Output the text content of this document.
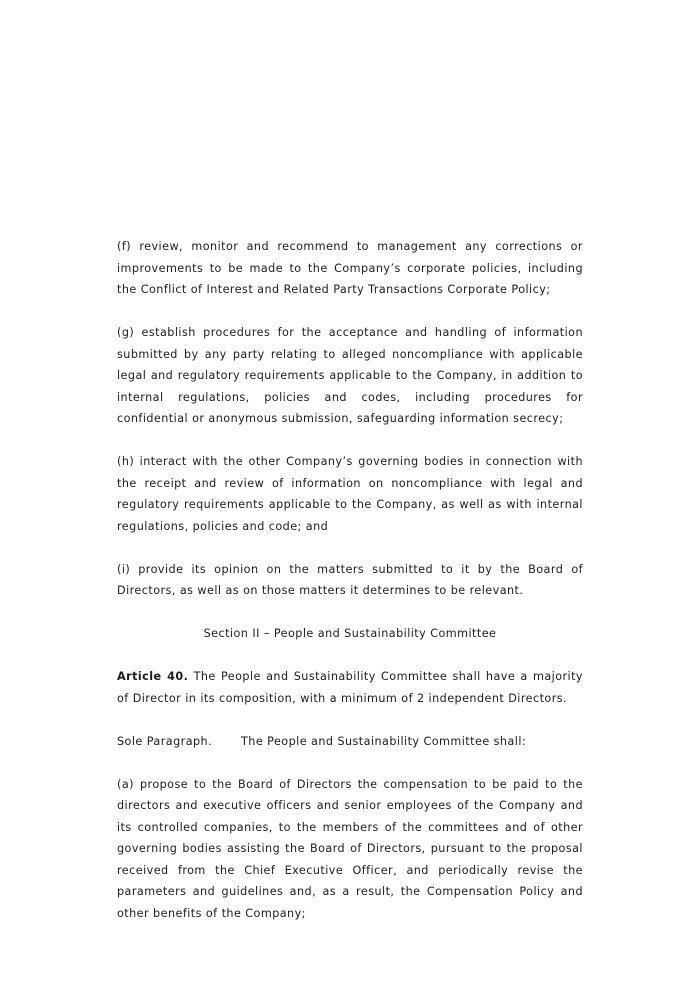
(f) review, monitor and recommend to management any corrections or improvements to be made to the Company’s corporate policies, including the Conflict of Interest and Related Party Transactions Corporate Policy;

(g) establish procedures for the acceptance and handling of information submitted by any party relating to alleged noncompliance with applicable legal and regulatory requirements applicable to the Company, in addition to internal regulations, policies and codes, including procedures for confidential or anonymous submission, safeguarding information secrecy;

(h) interact with the other Company’s governing bodies in connection with the receipt and review of information on noncompliance with legal and regulatory requirements applicable to the Company, as well as with internal regulations, policies and code; and

(i) provide its opinion on the matters submitted to it by the Board of Directors, as well as on those matters it determines to be relevant.

Section II – People and Sustainability Committee

Article 40. The People and Sustainability Committee shall have a majority of Director in its composition, with a minimum of 2 independent Directors.

Sole Paragraph.	The People and Sustainability Committee shall:

(a) propose to the Board of Directors the compensation to be paid to the directors and executive officers and senior employees of the Company and its controlled companies, to the members of the committees and of other governing bodies assisting the Board of Directors, pursuant to the proposal received from the Chief Executive Officer, and periodically revise the parameters and guidelines and, as a result, the Compensation Policy and other benefits of the Company;
